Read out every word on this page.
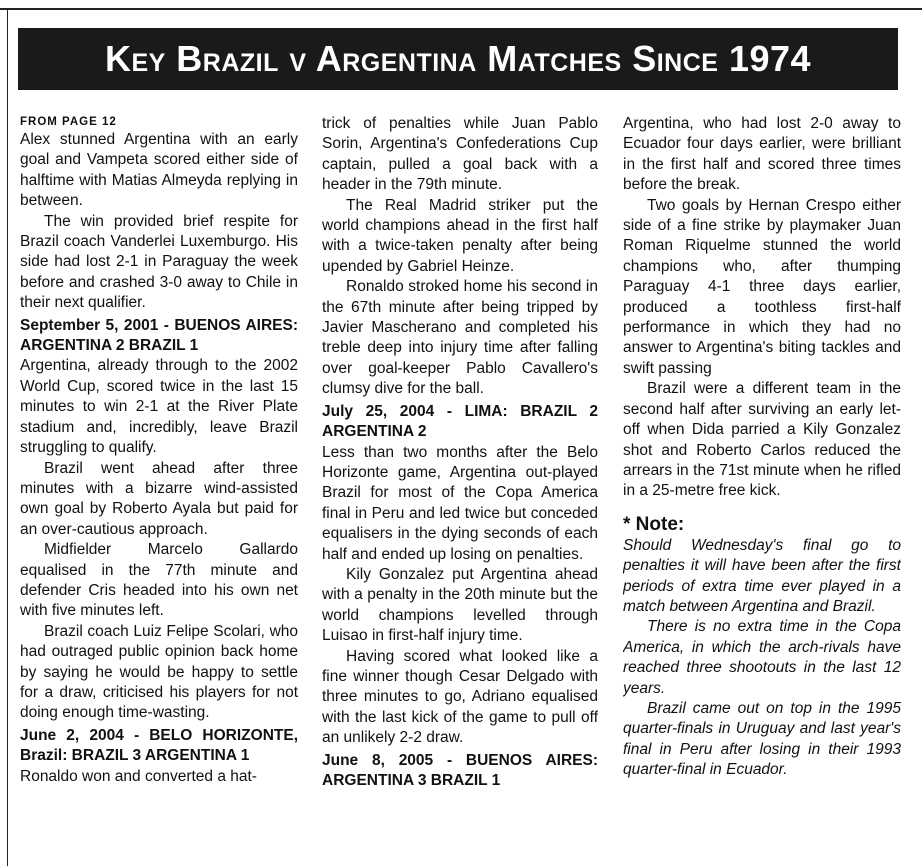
Key Brazil v Argentina Matches Since 1974

FROM PAGE 12

Alex stunned Argentina with an early goal and Vampeta scored either side of halftime with Matias Almeyda replying in between.

The win provided brief respite for Brazil coach Vanderlei Luxemburgo. His side had lost 2-1 in Paraguay the week before and crashed 3-0 away to Chile in their next qualifier.

September 5, 2001 - BUENOS AIRES: ARGENTINA 2 BRAZIL 1

Argentina, already through to the 2002 World Cup, scored twice in the last 15 minutes to win 2-1 at the River Plate stadium and, incredibly, leave Brazil struggling to qualify.

Brazil went ahead after three minutes with a bizarre wind-assisted own goal by Roberto Ayala but paid for an over-cautious approach.

Midfielder Marcelo Gallardo equalised in the 77th minute and defender Cris headed into his own net with five minutes left.

Brazil coach Luiz Felipe Scolari, who had outraged public opinion back home by saying he would be happy to settle for a draw, criticised his players for not doing enough time-wasting.

June 2, 2004 - BELO HORIZONTE, Brazil: BRAZIL 3 ARGENTINA 1

Ronaldo won and converted a hat-

trick of penalties while Juan Pablo Sorin, Argentina's Confederations Cup captain, pulled a goal back with a header in the 79th minute.

The Real Madrid striker put the world champions ahead in the first half with a twice-taken penalty after being upended by Gabriel Heinze.

Ronaldo stroked home his second in the 67th minute after being tripped by Javier Mascherano and completed his treble deep into injury time after falling over goal-keeper Pablo Cavallero's clumsy dive for the ball.

July 25, 2004 - LIMA: BRAZIL 2 ARGENTINA 2

Less than two months after the Belo Horizonte game, Argentina out-played Brazil for most of the Copa America final in Peru and led twice but conceded equalisers in the dying seconds of each half and ended up losing on penalties.

Kily Gonzalez put Argentina ahead with a penalty in the 20th minute but the world champions levelled through Luisao in first-half injury time.

Having scored what looked like a fine winner though Cesar Delgado with three minutes to go, Adriano equalised with the last kick of the game to pull off an unlikely 2-2 draw.

June 8, 2005 - BUENOS AIRES: ARGENTINA 3 BRAZIL 1

Argentina, who had lost 2-0 away to Ecuador four days earlier, were brilliant in the first half and scored three times before the break.

Two goals by Hernan Crespo either side of a fine strike by playmaker Juan Roman Riquelme stunned the world champions who, after thumping Paraguay 4-1 three days earlier, produced a toothless first-half performance in which they had no answer to Argentina's biting tackles and swift passing

Brazil were a different team in the second half after surviving an early let-off when Dida parried a Kily Gonzalez shot and Roberto Carlos reduced the arrears in the 71st minute when he rifled in a 25-metre free kick.

* Note:

Should Wednesday's final go to penalties it will have been after the first periods of extra time ever played in a match between Argentina and Brazil.

There is no extra time in the Copa America, in which the arch-rivals have reached three shootouts in the last 12 years.

Brazil came out on top in the 1995 quarter-finals in Uruguay and last year's final in Peru after losing in their 1993 quarter-final in Ecuador.
